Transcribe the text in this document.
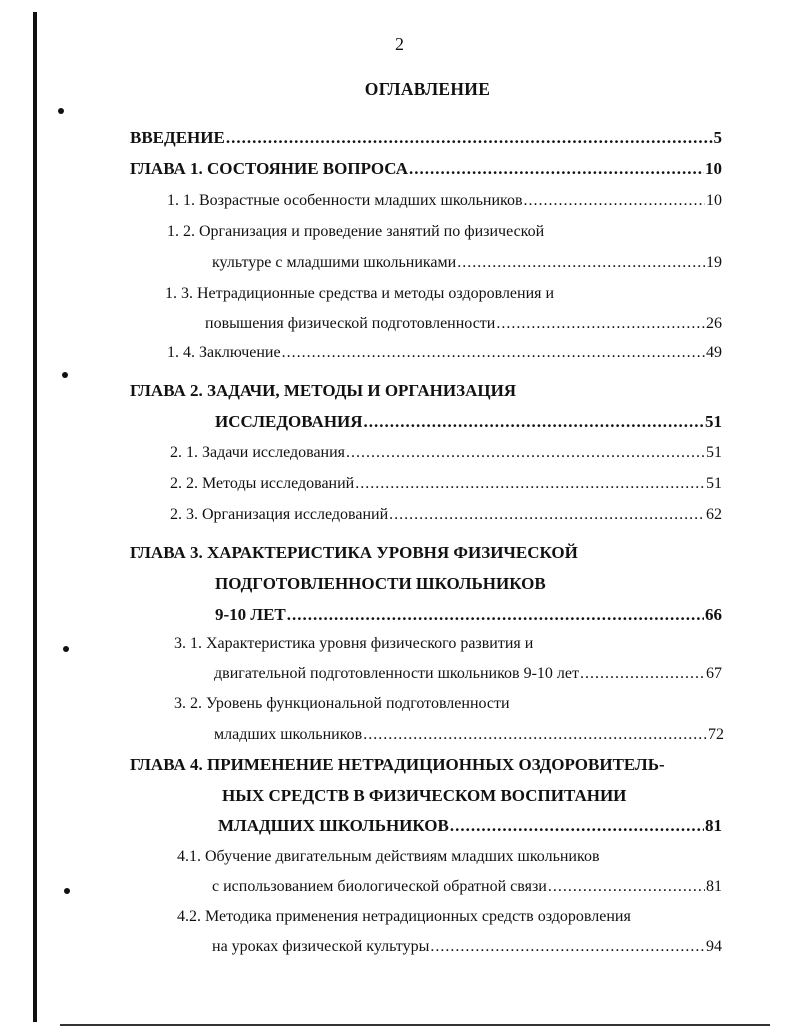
2
ОГЛАВЛЕНИЕ
ВВЕДЕНИЕ .....	5
ГЛАВА 1. СОСТОЯНИЕ ВОПРОСА .....	10
1. 1. Возрастные особенности младших школьников .....	10
1. 2. Организация и проведение занятий по физической
культуре с младшими школьниками .....	19
1. 3. Нетрадиционные средства и методы оздоровления и
повышения физической подготовленности .....	26
1. 4. Заключение .....	49
ГЛАВА 2. ЗАДАЧИ, МЕТОДЫ И ОРГАНИЗАЦИЯ
ИССЛЕДОВАНИЯ .....	51
2. 1. Задачи исследования .....	51
2. 2. Методы исследований .....	51
2. 3. Организация исследований .....	62
ГЛАВА 3. ХАРАКТЕРИСТИКА УРОВНЯ ФИЗИЧЕСКОЙ
ПОДГОТОВЛЕННОСТИ ШКОЛЬНИКОВ
9-10 ЛЕТ .....	66
3. 1. Характеристика уровня физического развития и
двигательной подготовленности школьников 9-10 лет .....	67
3. 2. Уровень функциональной подготовленности
младших школьников .....	72
ГЛАВА 4. ПРИМЕНЕНИЕ НЕТРАДИЦИОННЫХ ОЗДОРОВИТЕЛЬ-
НЫХ СРЕДСТВ В ФИЗИЧЕСКОМ ВОСПИТАНИИ
МЛАДШИХ ШКОЛЬНИКОВ .....	81
4.1. Обучение двигательным действиям младших школьников
с использованием биологической обратной связи .....	81
4.2. Методика применения нетрадиционных средств оздоровления
на уроках физической культуры .....	94
